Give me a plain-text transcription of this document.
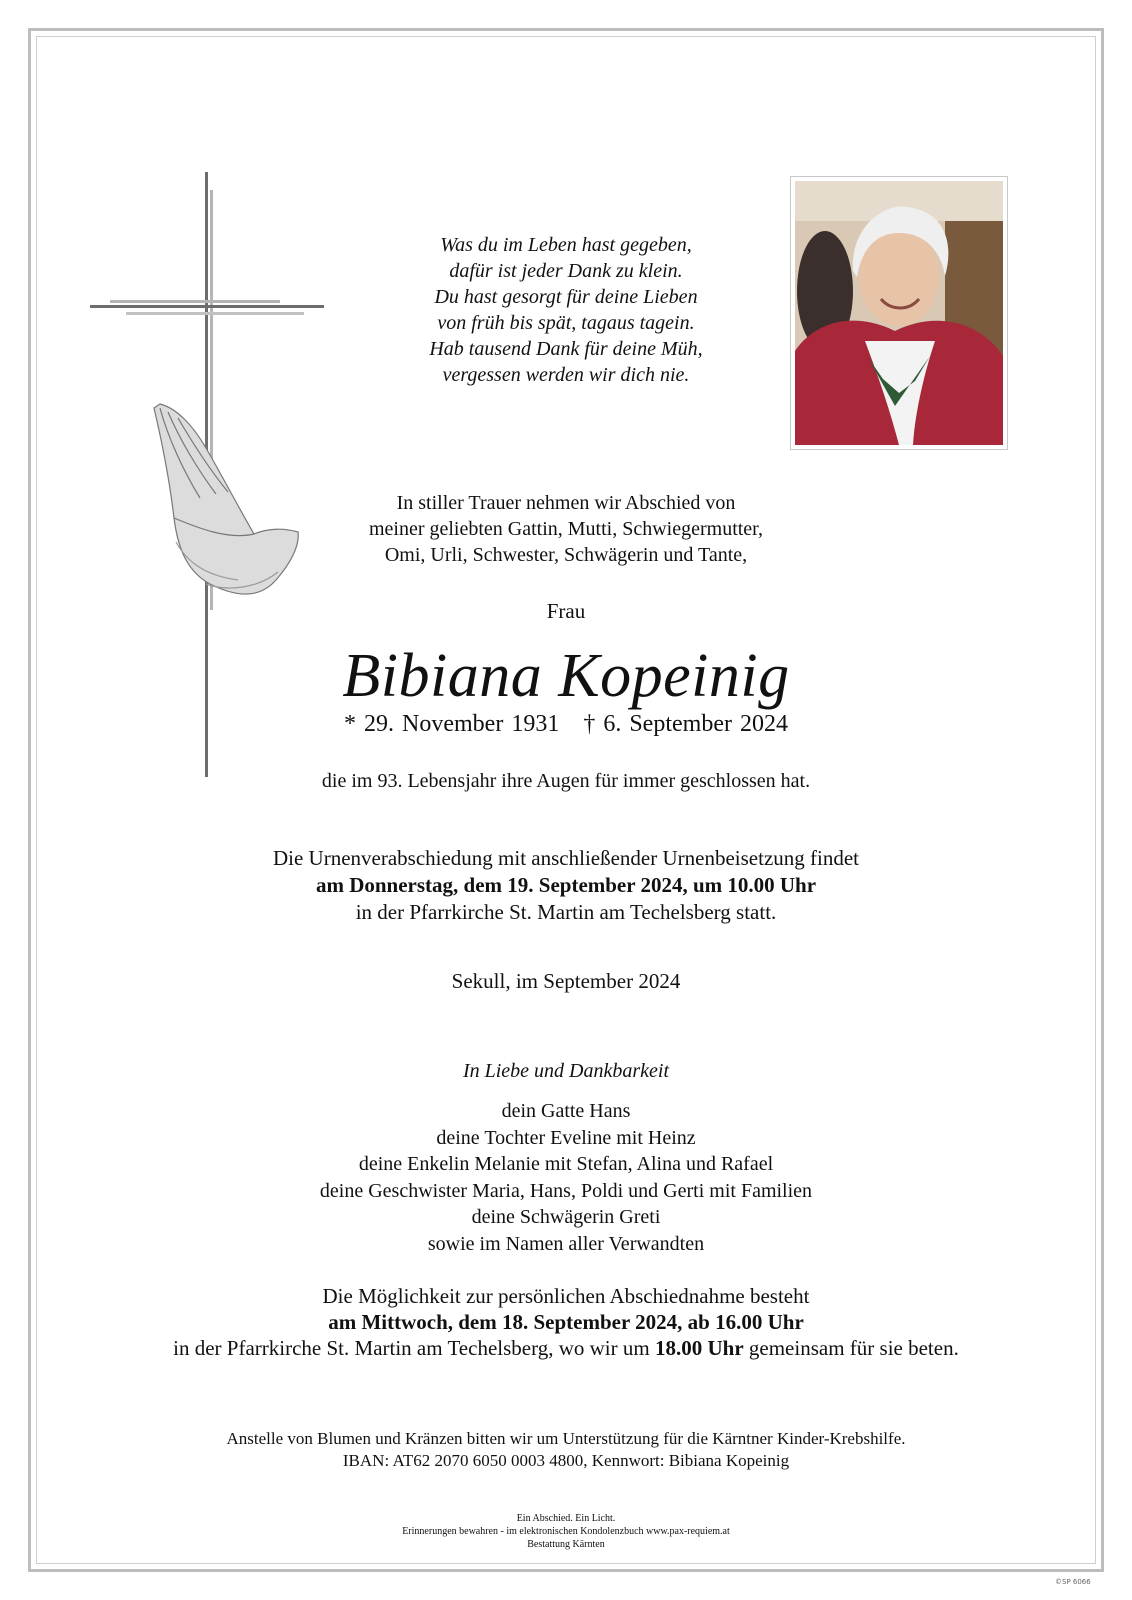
Was du im Leben hast gegeben,
dafür ist jeder Dank zu klein.
Du hast gesorgt für deine Lieben
von früh bis spät, tagaus tagein.
Hab tausend Dank für deine Müh,
vergessen werden wir dich nie.
In stiller Trauer nehmen wir Abschied von
meiner geliebten Gattin, Mutti, Schwiegermutter,
Omi, Urli, Schwester, Schwägerin und Tante,
Frau
Bibiana Kopeinig
* 29. November 1931 † 6. September 2024
die im 93. Lebensjahr ihre Augen für immer geschlossen hat.
Die Urnenverabschiedung mit anschließender Urnenbeisetzung findet
am Donnerstag, dem 19. September 2024, um 10.00 Uhr
in der Pfarrkirche St. Martin am Techelsberg statt.
Sekull, im September 2024
In Liebe und Dankbarkeit
dein Gatte Hans
deine Tochter Eveline mit Heinz
deine Enkelin Melanie mit Stefan, Alina und Rafael
deine Geschwister Maria, Hans, Poldi und Gerti mit Familien
deine Schwägerin Greti
sowie im Namen aller Verwandten
Die Möglichkeit zur persönlichen Abschiednahme besteht
am Mittwoch, dem 18. September 2024, ab 16.00 Uhr
in der Pfarrkirche St. Martin am Techelsberg, wo wir um 18.00 Uhr gemeinsam für sie beten.
Anstelle von Blumen und Kränzen bitten wir um Unterstützung für die Kärntner Kinder-Krebshilfe.
IBAN: AT62 2070 6050 0003 4800, Kennwort: Bibiana Kopeinig
Ein Abschied. Ein Licht.
Erinnerungen bewahren - im elektronischen Kondolenzbuch www.pax-requiem.at
Bestattung Kärnten
©SP 6066
